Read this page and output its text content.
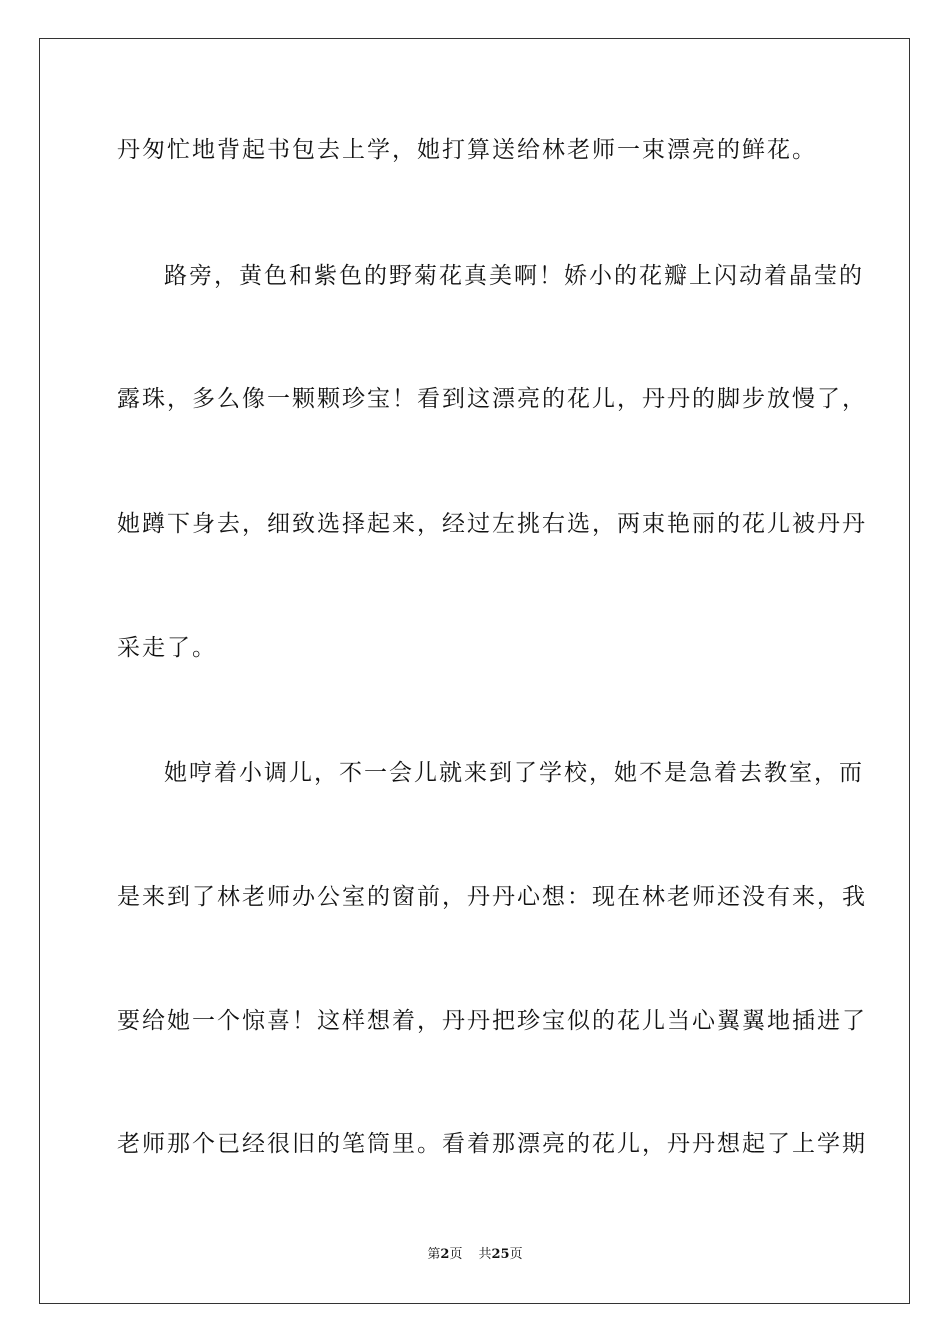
丹匆忙地背起书包去上学，她打算送给林老师一束漂亮的鲜花。
路旁，黄色和紫色的野菊花真美啊！娇小的花瓣上闪动着晶莹的
露珠，多么像一颗颗珍宝！看到这漂亮的花儿，丹丹的脚步放慢了，
她蹲下身去，细致选择起来，经过左挑右选，两束艳丽的花儿被丹丹
采走了。
她哼着小调儿，不一会儿就来到了学校，她不是急着去教室，而
是来到了林老师办公室的窗前，丹丹心想：现在林老师还没有来，我
要给她一个惊喜！这样想着，丹丹把珍宝似的花儿当心翼翼地插进了
老师那个已经很旧的笔筒里。看着那漂亮的花儿，丹丹想起了上学期
第2页 共25页
